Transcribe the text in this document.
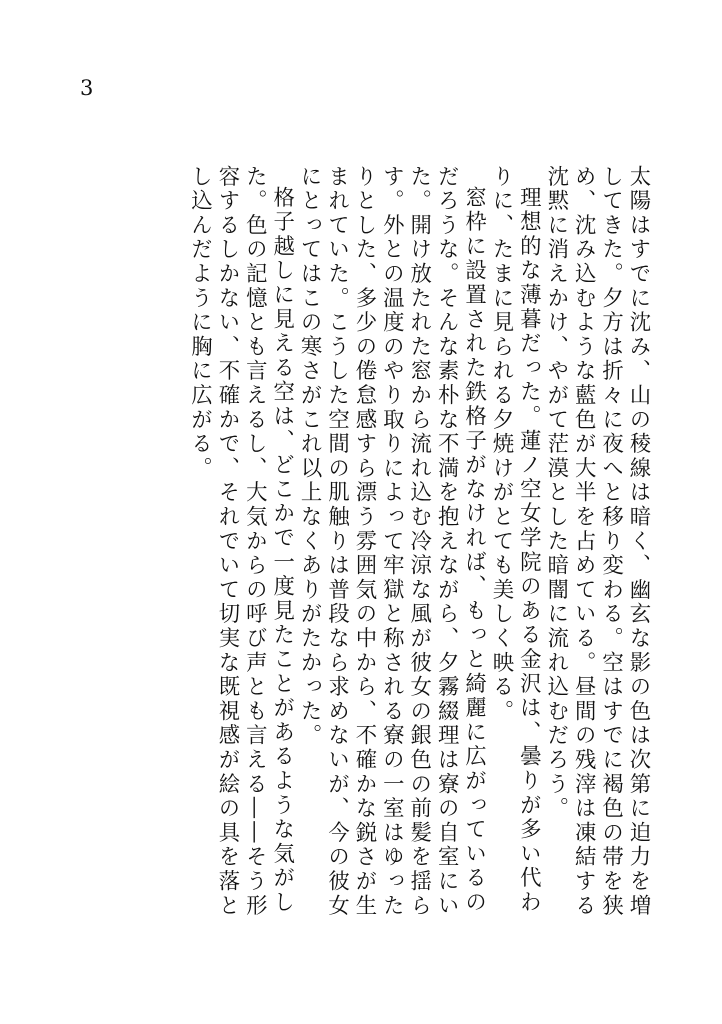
3

太陽はすでに沈み、山の稜線は暗く、幽玄な影の色は次第に迫力を増してきた。夕方は折々に夜へと移り変わる。空はすでに褐色の帯を狭め、沈み込むような藍色が大半を占めている。昼間の残滓は凍結する沈黙に消えかけ、やがて茫漠とした暗闇に流れ込むだろう。

理想的な薄暮だった。蓮ノ空女学院のある金沢は、曇りが多い代わりに、たまに見られる夕焼けがとても美しく映る。

窓枠に設置された鉄格子がなければ、もっと綺麗に広がっているのだろうな。そんな素朴な不満を抱えながら、夕霧綴理は寮の自室にいた。開け放たれた窓から流れ込む冷涼な風が彼女の銀色の前髪を揺らす。外との温度のやり取りによって牢獄と称される寮の一室はゆったりとした、多少の倦怠感すら漂う雰囲気の中から、不確かな鋭さが生まれていた。こうした空間の肌触りは普段なら求めないが、今の彼女にとってはこの寒さがこれ以上なくありがたかった。

格子越しに見える空は、どこかで一度見たことがあるような気がした。色の記憶とも言えるし、大気からの呼び声とも言える――そう形容するしかない、不確かで、それでいて切実な既視感が絵の具を落とし込んだように胸に広がる。
